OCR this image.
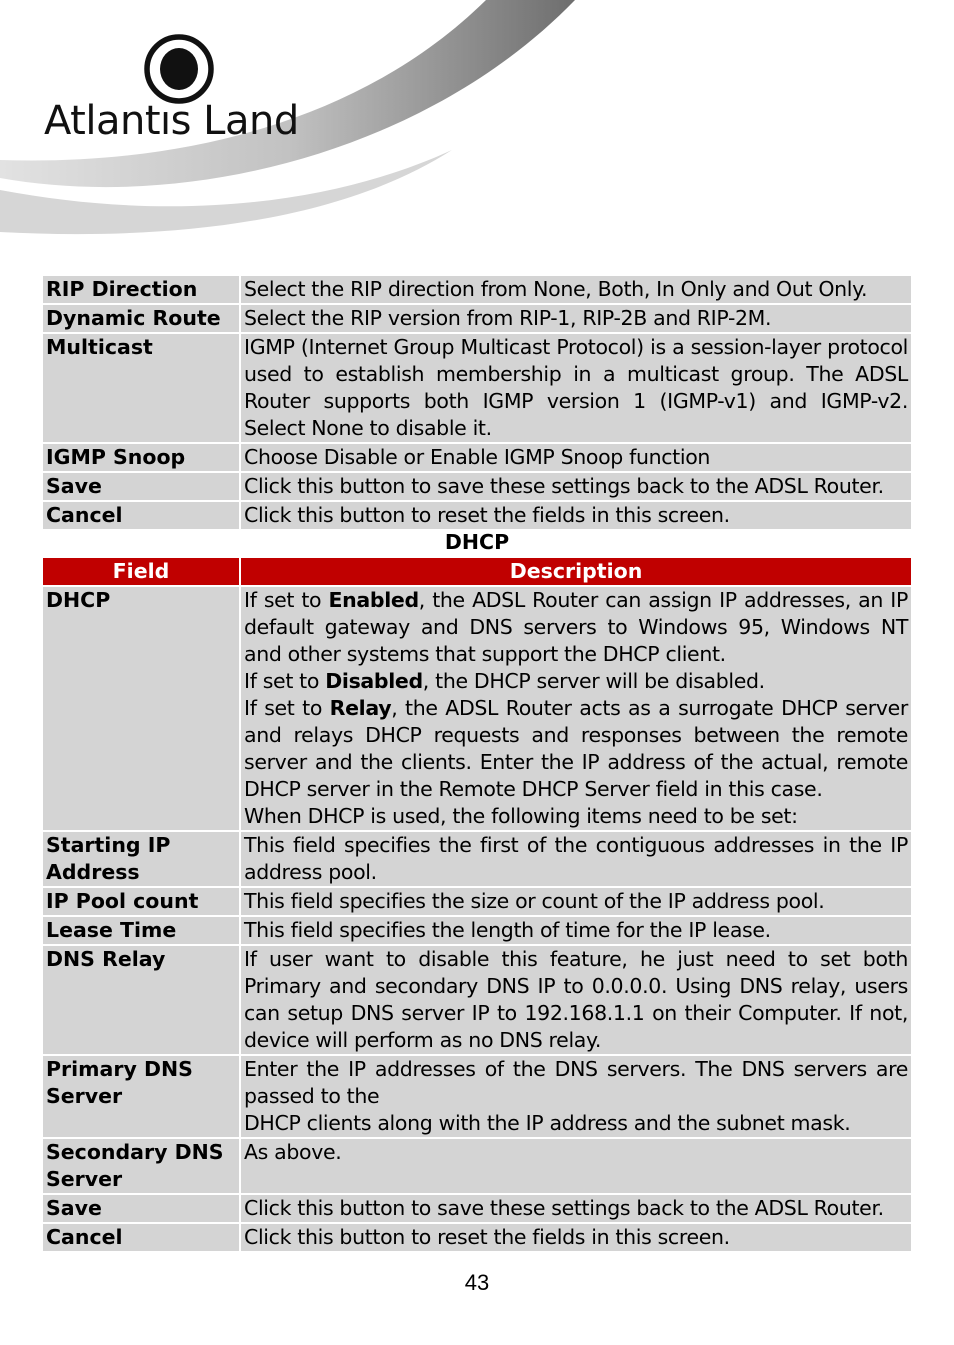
Atlantıs Land
RIP Direction	Select the RIP direction from None, Both, In Only and Out Only.
Dynamic Route	Select the RIP version from RIP-1, RIP-2B and RIP-2M.
Multicast	IGMP (Internet Group Multicast Protocol) is a session-layer protocol used to establish membership in a multicast group. The ADSL Router supports both IGMP version 1 (IGMP-v1) and IGMP-v2. Select None to disable it.
IGMP Snoop	Choose Disable or Enable IGMP Snoop function
Save	Click this button to save these settings back to the ADSL Router.
Cancel	Click this button to reset the fields in this screen.
DHCP
Field	Description
DHCP	If set to Enabled, the ADSL Router can assign IP addresses, an IP default gateway and DNS servers to Windows 95, Windows NT and other systems that support the DHCP client.
If set to Disabled, the DHCP server will be disabled.
If set to Relay, the ADSL Router acts as a surrogate DHCP server and relays DHCP requests and responses between the remote server and the clients. Enter the IP address of the actual, remote DHCP server in the Remote DHCP Server field in this case.
When DHCP is used, the following items need to be set:

Starting IP Address	This field specifies the first of the contiguous addresses in the IP address pool.
IP Pool count	This field specifies the size or count of the IP address pool.
Lease Time	This field specifies the length of time for the IP lease.
DNS Relay	If user want to disable this feature, he just need to set both Primary and secondary DNS IP to 0.0.0.0. Using DNS relay, users can setup DNS server IP to 192.168.1.1 on their Computer. If not, device will perform as no DNS relay.
Primary DNS Server	Enter the IP addresses of the DNS servers. The DNS servers are passed to the
DHCP clients along with the IP address and the subnet mask.

Secondary DNS Server	As above.
Save	Click this button to save these settings back to the ADSL Router.
Cancel	Click this button to reset the fields in this screen.
43
